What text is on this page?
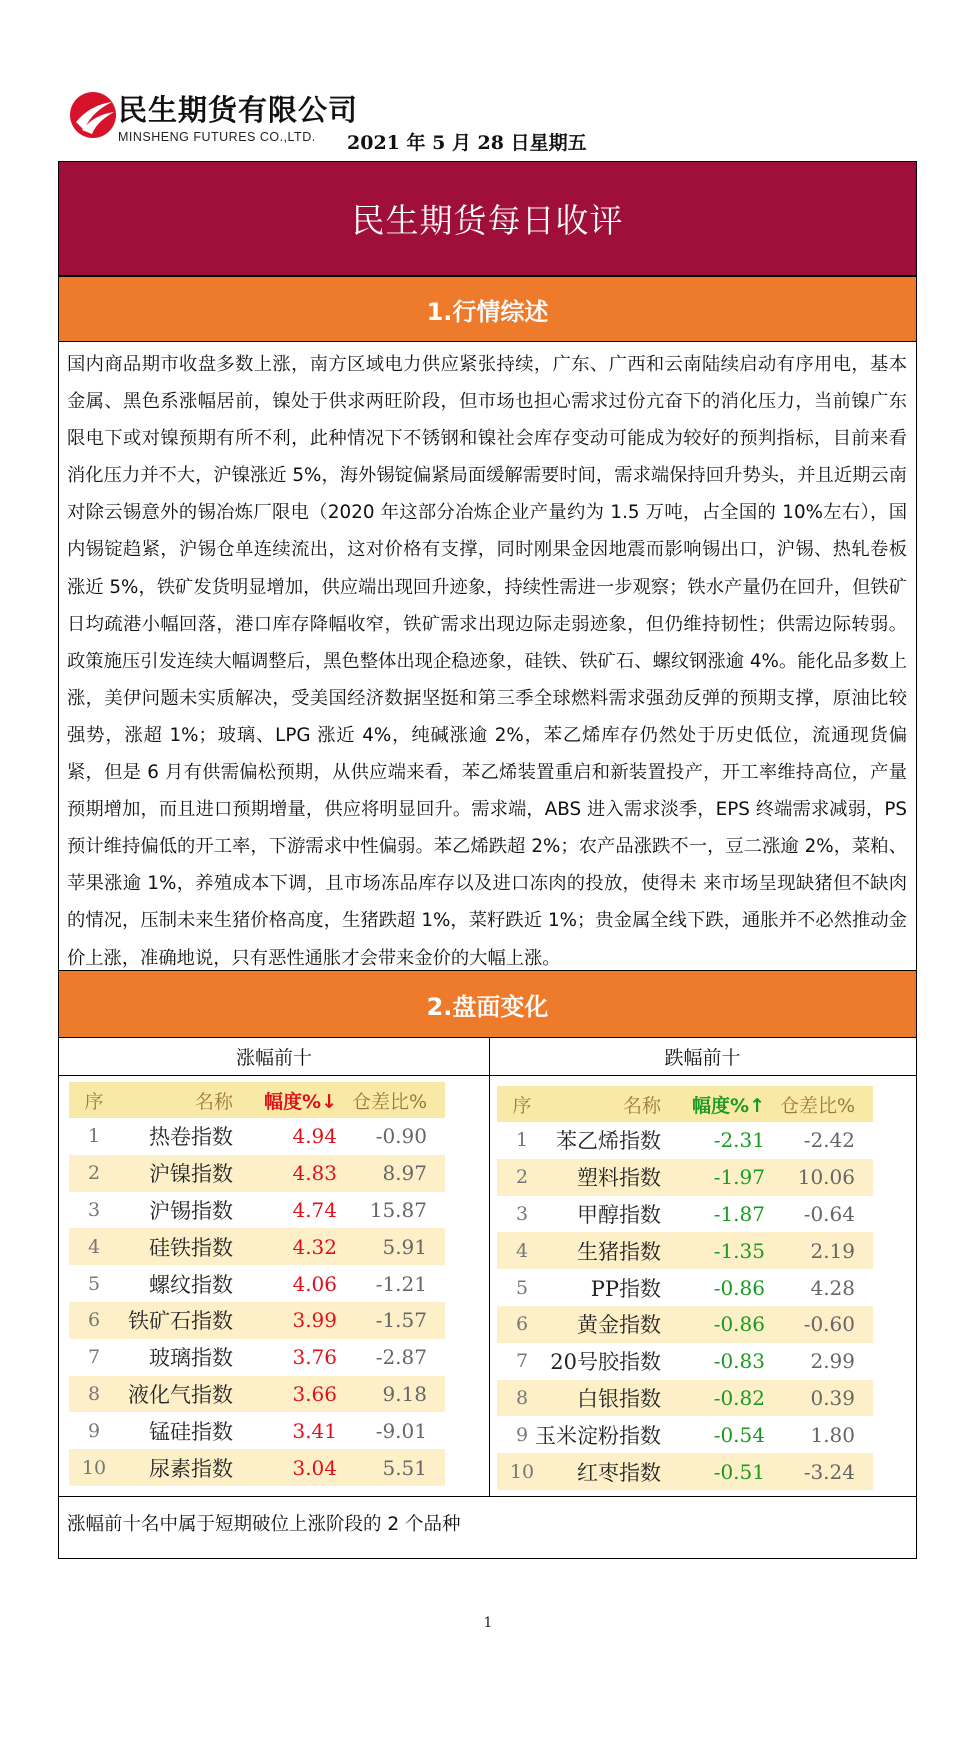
民生期货有限公司
MINSHENG FUTURES CO.,LTD. 2021 年 5 月 28 日星期五
民生期货每日收评
1.行情综述

国内商品期市收盘多数上涨，南方区域电力供应紧张持续，广东、广西和云南陆续启动有序用电，基本金属、黑色系涨幅居前，镍处于供求两旺阶段，但市场也担心需求过份亢奋下的消化压力，当前镍广东限电下或对镍预期有所不利，此种情况下不锈钢和镍社会库存变动可能成为较好的预判指标，目前来看消化压力并不大，沪镍涨近 5%，海外锡锭偏紧局面缓解需要时间，需求端保持回升势头，并且近期云南对除云锡意外的锡冶炼厂限电（2020 年这部分冶炼企业产量约为 1.5 万吨，占全国的 10%左右），国内锡锭趋紧，沪锡仓单连续流出，这对价格有支撑，同时刚果金因地震而影响锡出口，沪锡、热轧卷板涨近 5%，铁矿发货明显增加，供应端出现回升迹象，持续性需进一步观察；铁水产量仍在回升，但铁矿日均疏港小幅回落，港口库存降幅收窄，铁矿需求出现边际走弱迹象，但仍维持韧性；供需边际转弱。政策施压引发连续大幅调整后，黑色整体出现企稳迹象，硅铁、铁矿石、螺纹钢涨逾 4%。能化品多数上涨，美伊问题未实质解决，受美国经济数据坚挺和第三季全球燃料需求强劲反弹的预期支撑，原油比较强势，涨超 1%；玻璃、LPG 涨近 4%，纯碱涨逾 2%，苯乙烯库存仍然处于历史低位，流通现货偏紧，但是 6 月有供需偏松预期，从供应端来看，苯乙烯装置重启和新装置投产，开工率维持高位，产量预期增加，而且进口预期增量，供应将明显回升。需求端，ABS 进入需求淡季，EPS 终端需求减弱，PS 预计维持偏低的开工率，下游需求中性偏弱。苯乙烯跌超 2%；农产品涨跌不一，豆二涨逾 2%，菜粕、苹果涨逾 1%，养殖成本下调，且市场冻品库存以及进口冻肉的投放，使得未 来市场呈现缺猪但不缺肉的情况，压制未来生猪价格高度，生猪跌超 1%，菜籽跌近 1%；贵金属全线下跌，通胀并不必然推动金价上涨，准确地说，只有恶性通胀才会带来金价的大幅上涨。

2.盘面变化
涨幅前十	跌幅前十
序	名称	幅度%↓ 仓差比%
1	热卷指数	4.94	-0.90
2	沪镍指数	4.83	8.97
3	沪锡指数	4.74	15.87
4	硅铁指数	4.32	5.91
5	螺纹指数	4.06	-1.21
6	铁矿石指数	3.99	-1.57
7	玻璃指数	3.76	-2.87
8	液化气指数	3.66	9.18
9	锰硅指数	3.41	-9.01
10	尿素指数	3.04	5.51
序	名称	幅度%↑ 仓差比%
1	苯乙烯指数	-2.31	-2.42
2	塑料指数	-1.97	10.06
3	甲醇指数	-1.87	-0.64
4	生猪指数	-1.35	2.19
5	PP指数	-0.86	4.28
6	黄金指数	-0.86	-0.60
7	20号胶指数	-0.83	2.99
8	白银指数	-0.82	0.39
9 玉米淀粉指数	-0.54	1.80
10	红枣指数	-0.51	-3.24
涨幅前十名中属于短期破位上涨阶段的 2 个品种
1
